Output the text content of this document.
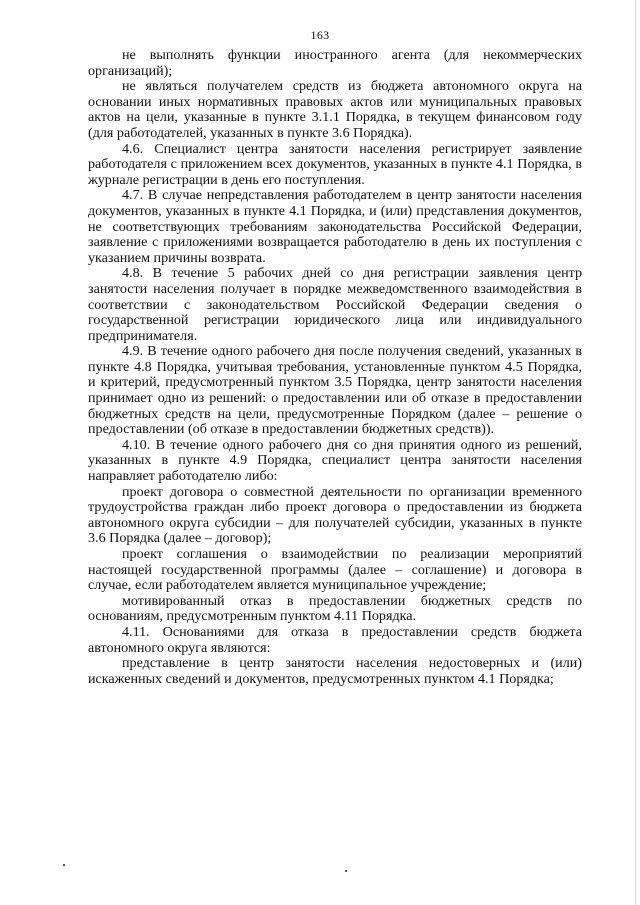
163

не выполнять функции иностранного агента (для некоммерческих организаций);

не являться получателем средств из бюджета автономного округа на основании иных нормативных правовых актов или муниципальных правовых актов на цели, указанные в пункте 3.1.1 Порядка, в текущем финансовом году (для работодателей, указанных в пункте 3.6 Порядка).

4.6. Специалист центра занятости населения регистрирует заявление работодателя с приложением всех документов, указанных в пункте 4.1 Порядка, в журнале регистрации в день его поступления.

4.7. В случае непредставления работодателем в центр занятости населения документов, указанных в пункте 4.1 Порядка, и (или) представления документов, не соответствующих требованиям законодательства Российской Федерации, заявление с приложениями возвращается работодателю в день их поступления с указанием причины возврата.

4.8. В течение 5 рабочих дней со дня регистрации заявления центр занятости населения получает в порядке межведомственного взаимодействия в соответствии с законодательством Российской Федерации сведения о государственной регистрации юридического лица или индивидуального предпринимателя.

4.9. В течение одного рабочего дня после получения сведений, указанных в пункте 4.8 Порядка, учитывая требования, установленные пунктом 4.5 Порядка, и критерий, предусмотренный пунктом 3.5 Порядка, центр занятости населения принимает одно из решений: о предоставлении или об отказе в предоставлении бюджетных средств на цели, предусмотренные Порядком (далее – решение о предоставлении (об отказе в предоставлении бюджетных средств)).

4.10. В течение одного рабочего дня со дня принятия одного из решений, указанных в пункте 4.9 Порядка, специалист центра занятости населения направляет работодателю либо:

проект договора о совместной деятельности по организации временного трудоустройства граждан либо проект договора о предоставлении из бюджета автономного округа субсидии – для получателей субсидии, указанных в пункте 3.6 Порядка (далее – договор);

проект соглашения о взаимодействии по реализации мероприятий настоящей государственной программы (далее – соглашение) и договора в случае, если работодателем является муниципальное учреждение;

мотивированный отказ в предоставлении бюджетных средств по основаниям, предусмотренным пунктом 4.11 Порядка.

4.11. Основаниями для отказа в предоставлении средств бюджета автономного округа являются:

представление в центр занятости населения недостоверных и (или) искаженных сведений и документов, предусмотренных пунктом 4.1 Порядка;
